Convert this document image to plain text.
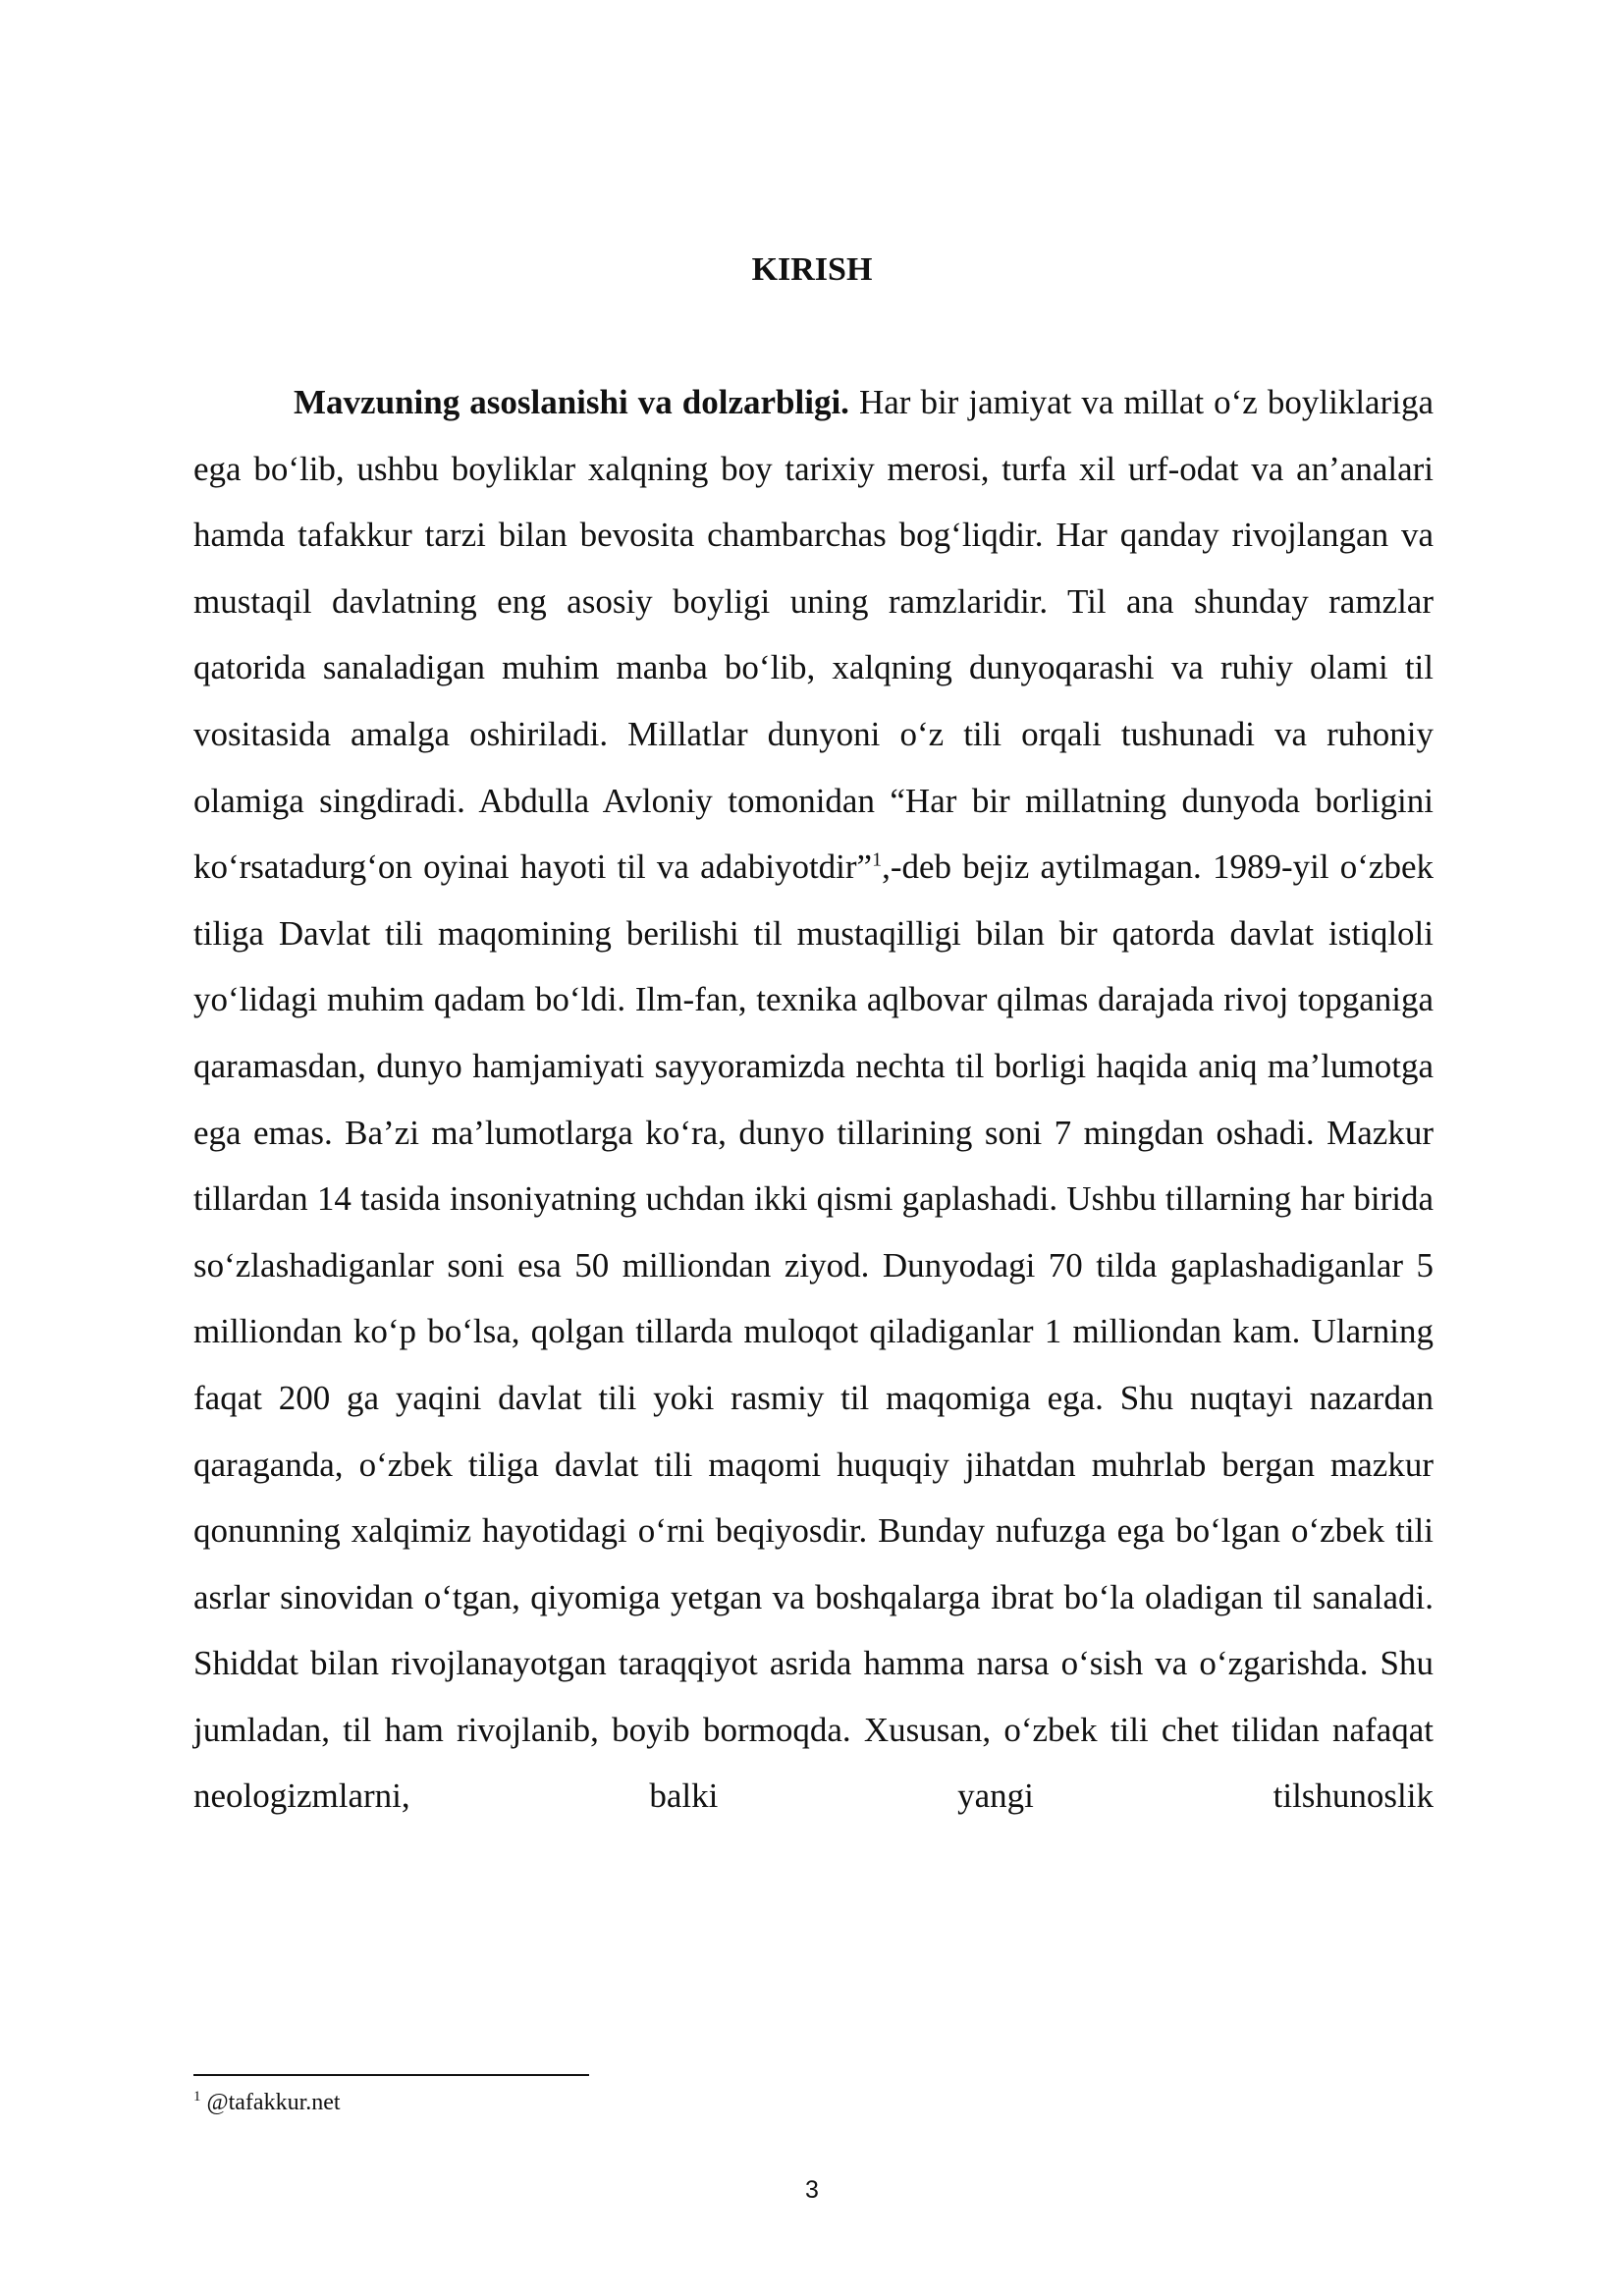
KIRISH

Mavzuning asoslanishi va dolzarbligi. Har bir jamiyat va millat o‘z boyliklariga ega bo‘lib, ushbu boyliklar xalqning boy tarixiy merosi, turfa xil urf-odat va an’analari hamda tafakkur tarzi bilan bevosita chambarchas bog‘liqdir. Har qanday rivojlangan va mustaqil davlatning eng asosiy boyligi uning ramzlaridir. Til ana shunday ramzlar qatorida sanaladigan muhim manba bo‘lib, xalqning dunyoqarashi va ruhiy olami til vositasida amalga oshiriladi. Millatlar dunyoni o‘z tili orqali tushunadi va ruhoniy olamiga singdiradi. Abdulla Avloniy tomonidan “Har bir millatning dunyoda borligini ko‘rsatadurg‘on oyinai hayoti til va adabiyotdir”$^1$,-deb bejiz aytilmagan. 1989-yil o‘zbek tiliga Davlat tili maqomining berilishi til mustaqilligi bilan bir qatorda davlat istiqloli yo‘lidagi muhim qadam bo‘ldi. Ilm-fan, texnika aqlbovar qilmas darajada rivoj topganiga qaramasdan, dunyo hamjamiyati sayyoramizda nechta til borligi haqida aniq ma’lumotga ega emas. Ba’zi ma’lumotlarga ko‘ra, dunyo tillarining soni 7 mingdan oshadi. Mazkur tillardan 14 tasida insoniyatning uchdan ikki qismi gaplashadi. Ushbu tillarning har birida so‘zlashadiganlar soni esa 50 milliondan ziyod. Dunyodagi 70 tilda gaplashadiganlar 5 milliondan ko‘p bo‘lsa, qolgan tillarda muloqot qiladiganlar 1 milliondan kam. Ularning faqat 200 ga yaqini davlat tili yoki rasmiy til maqomiga ega. Shu nuqtayi nazardan qaraganda, o‘zbek tiliga davlat tili maqomi huquqiy jihatdan muhrlab bergan mazkur qonunning xalqimiz hayotidagi o‘rni beqiyosdir. Bunday nufuzga ega bo‘lgan o‘zbek tili asrlar sinovidan o‘tgan, qiyomiga yetgan va boshqalarga ibrat bo‘la oladigan til sanaladi. Shiddat bilan rivojlanayotgan taraqqiyot asrida hamma narsa o‘sish va o‘zgarishda. Shu jumladan, til ham rivojlanib, boyib bormoqda. Xususan, o‘zbek tili chet tilidan nafaqat neologizmlarni, balki yangi tilshunoslik

$^1$ @tafakkur.net
3
